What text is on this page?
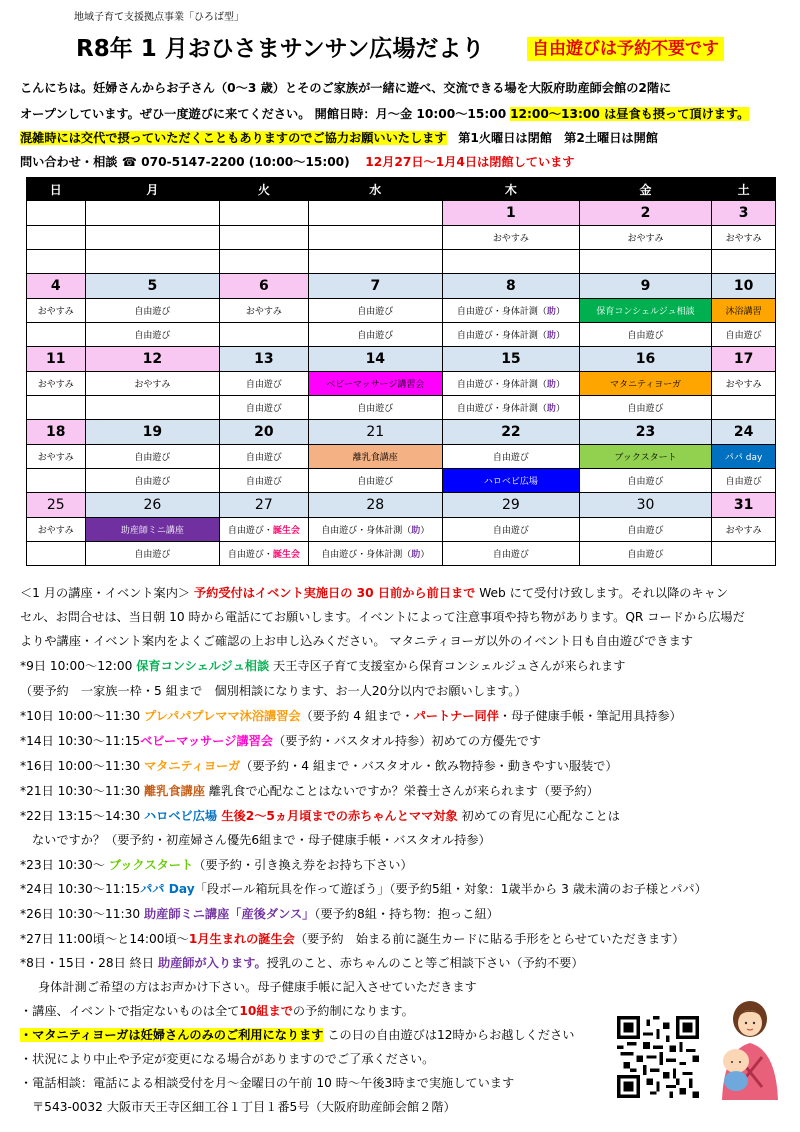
地域子育て支援拠点事業「ひろば型」
R8年 1 月おひさまサンサン広場だより	自由遊びは予約不要です
こんにちは。妊婦さんからお子さん（0～3 歳）とそのご家族が一緒に遊べ、交流できる場を大阪府助産師会館の2階に
オープンしています。ぜひ一度遊びに来てください。 開館日時：月～金 10:00～15:00 12:00～13:00 は昼食も摂って頂けます。
混雑時には交代で摂っていただくこともありますのでご協力お願いいたします 第1火曜日は閉館　第2土曜日は開館
問い合わせ・相談 ☎ 070-5147-2200 (10:00～15:00) 12月27日～1月4日は閉館しています
日	月	火	水	木	金	土
				1	2	3
				おやすみ	おやすみ	おやすみ

4	5	6	7	8	9	10
おやすみ	自由遊び	おやすみ	自由遊び	自由遊び・身体計測（助）	保育コンシェルジュ相談	沐浴講習
	自由遊び		自由遊び	自由遊び・身体計測（助）	自由遊び	自由遊び
11	12	13	14	15	16	17
おやすみ	おやすみ	自由遊び	ベビーマッサージ講習会	自由遊び・身体計測（助）	マタニティヨーガ	おやすみ
		自由遊び	自由遊び	自由遊び・身体計測（助）	自由遊び	
18	19	20	21	22	23	24
おやすみ	自由遊び	自由遊び	離乳食講座	自由遊び	ブックスタート	パパ day
	自由遊び	自由遊び	自由遊び	ハロベビ広場	自由遊び	自由遊び
25	26	27	28	29	30	31
おやすみ	助産師ミニ講座	自由遊び・誕生会	自由遊び・身体計測（助）	自由遊び	自由遊び	おやすみ
	自由遊び	自由遊び・誕生会	自由遊び・身体計測（助）	自由遊び	自由遊び	
＜1 月の講座・イベント案内＞ 予約受付はイベント実施日の 30 日前から前日まで Web にて受付け致します。それ以降のキャン
セル、お問合せは、当日朝 10 時から電話にてお願いします。イベントによって注意事項や持ち物があります。QR コードから広場だ
よりや講座・イベント案内をよくご確認の上お申し込みください。 マタニティヨーガ以外のイベント日も自由遊びできます
*9日 10:00～12:00 保育コンシェルジュ相談 天王寺区子育て支援室から保育コンシェルジュさんが来られます
（要予約　一家族一枠・5 組まで　個別相談になります、お一人20分以内でお願いします。）
*10日 10:00～11:30 プレパパプレママ沐浴講習会（要予約 4 組まで・パートナー同伴・母子健康手帳・筆記用具持参）
*14日 10:30～11:15ベビーマッサージ講習会（要予約・バスタオル持参）初めての方優先です
*16日 10:00～11:30 マタニティヨーガ（要予約・4 組まで・バスタオル・飲み物持参・動きやすい服装で）
*21日 10:30～11:30 離乳食講座 離乳食で心配なことはないですか？栄養士さんが来られます（要予約）
*22日 13:15～14:30 ハロベビ広場 生後2～5ヵ月頃までの赤ちゃんとママ対象 初めての育児に心配なことは
ないですか？（要予約・初産婦さん優先6組まで・母子健康手帳・バスタオル持参）
*23日 10:30～ ブックスタート（要予約・引き換え券をお持ち下さい）
*24日 10:30～11:15パパ Day「段ボール箱玩具を作って遊ぼう」（要予約5組・対象：1歳半から 3 歳未満のお子様とパパ）
*26日 10:30～11:30 助産師ミニ講座「産後ダンス」（要予約8組・持ち物：抱っこ紐）
*27日 11:00頃～と14:00頃～1月生まれの誕生会（要予約　始まる前に誕生カードに貼る手形をとらせていただきます）
*8日・15日・28日 終日 助産師が入ります。授乳のこと、赤ちゃんのこと等ご相談下さい（予約不要）
身体計測ご希望の方はお声かけ下さい。母子健康手帳に記入させていただきます
・講座、イベントで指定ないものは全て10組までの予約制になります。
・マタニティヨーガは妊婦さんのみのご利用になります この日の自由遊びは12時からお越しください
・状況により中止や予定が変更になる場合がありますのでご了承ください。
・電話相談：電話による相談受付を月～金曜日の午前 10 時～午後3時まで実施しています
〒543-0032 大阪市天王寺区細工谷１丁目１番5号（大阪府助産師会館２階）
